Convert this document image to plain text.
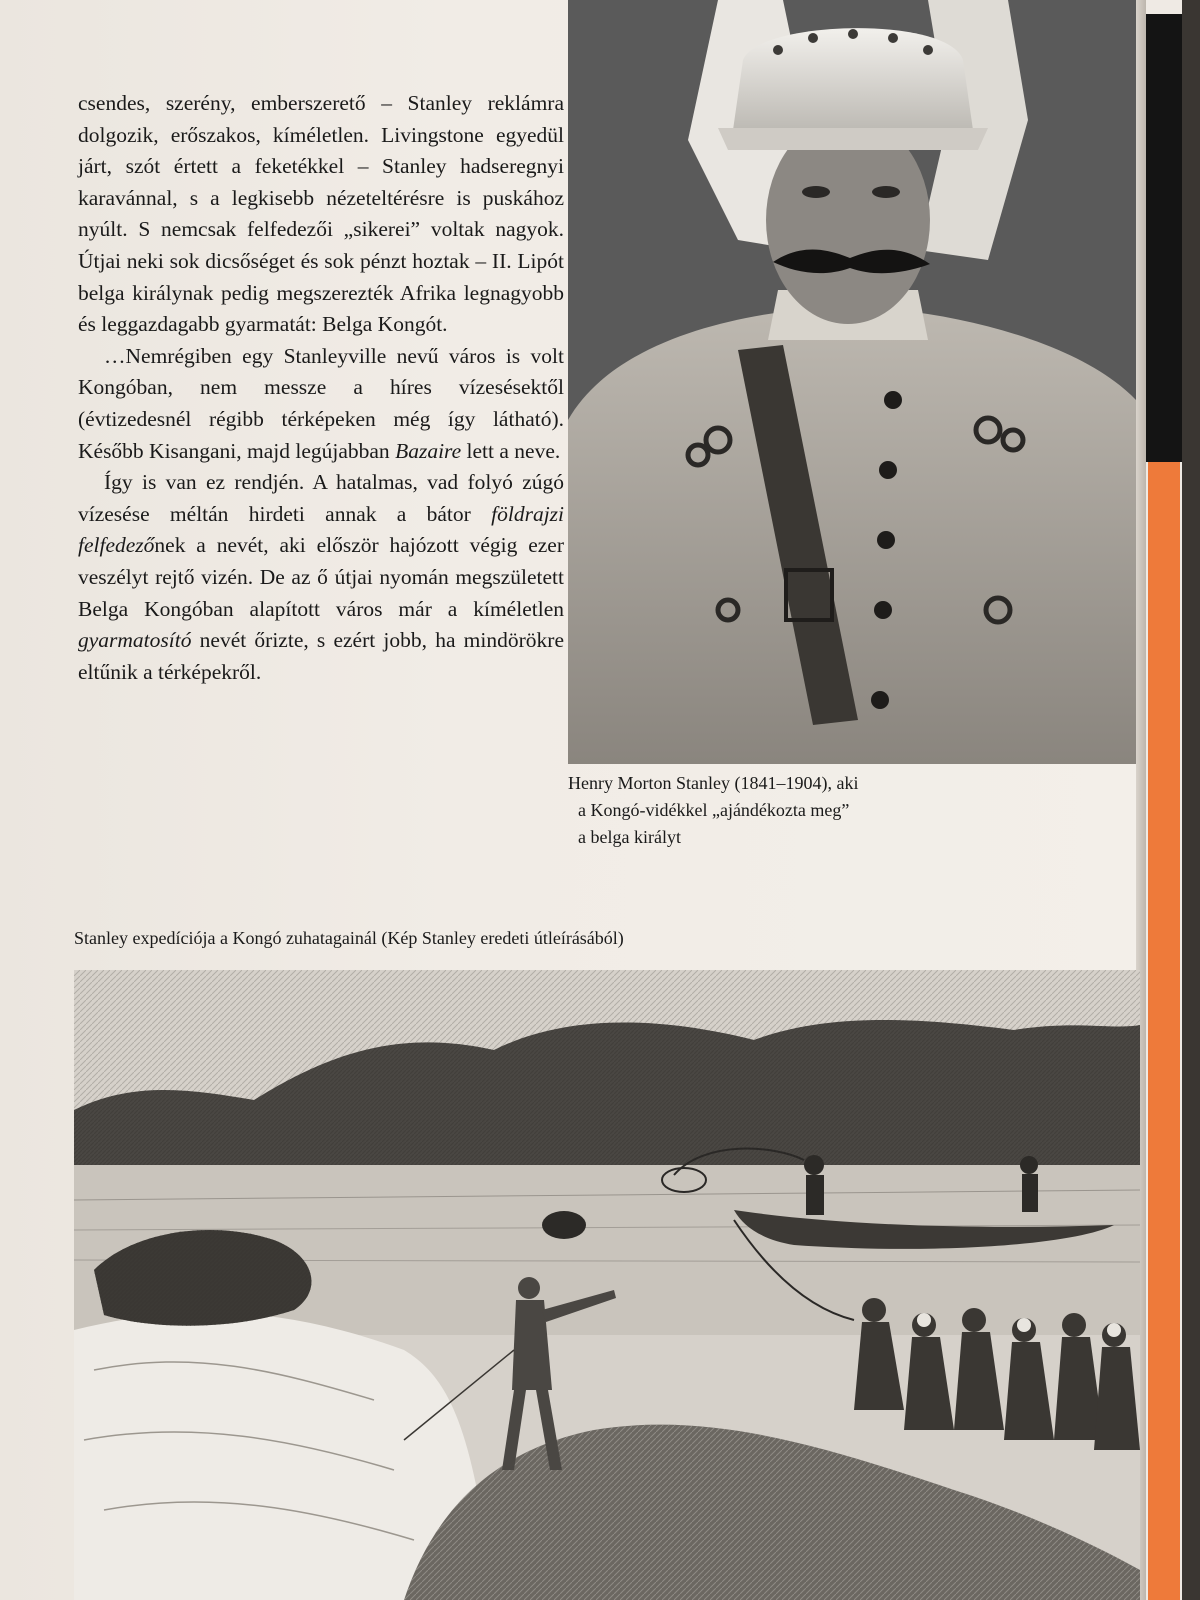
csendes, szerény, emberszerető – Stanley reklámra dolgozik, erőszakos, kíméletlen. Livingstone egyedül járt, szót értett a feketékkel – Stanley hadseregnyi karavánnal, s a legkisebb nézeteltérésre is puskához nyúlt. S nemcsak felfedezői „sikerei” voltak nagyok. Útjai neki sok dicsőséget és sok pénzt hoztak – II. Lipót belga királynak pedig megszerezték Afrika legnagyobb és leggazdagabb gyarmatát: Belga Kongót.

…Nemrégiben egy Stanleyville nevű város is volt Kongóban, nem messze a híres vízesésektől (évtizedesnél régibb térképeken még így látható). Később Kisangani, majd legújabban Bazaire lett a neve.

Így is van ez rendjén. A hatalmas, vad folyó zúgó vízesése méltán hirdeti annak a bátor földrajzi felfedezőnek a nevét, aki először hajózott végig ezer veszélyt rejtő vizén. De az ő útjai nyomán megszületett Belga Kongóban alapított város már a kíméletlen gyarmatosító nevét őrizte, s ezért jobb, ha mindörökre eltűnik a térképekről.

Henry Morton Stanley (1841–1904), aki
a Kongó-vidékkel „ajándékozta meg”
a belga királyt
Stanley expedíciója a Kongó zuhatagainál (Kép Stanley eredeti útleírásából)
